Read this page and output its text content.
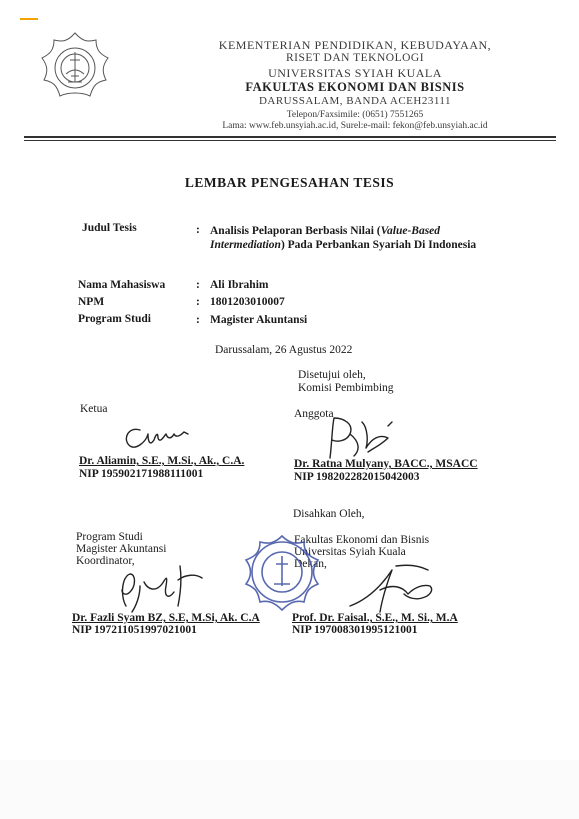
KEMENTERIAN PENDIDIKAN, KEBUDAYAAN,
RISET DAN TEKNOLOGI
UNIVERSITAS SYIAH KUALA
FAKULTAS EKONOMI DAN BISNIS
DARUSSALAM, BANDA ACEH23111
Telepon/Faxsimile: (0651) 7551265
Lama: www.feb.unsyiah.ac.id, Surel:e-mail: fekon@feb.unsyiah.ac.id
LEMBAR PENGESAHAN TESIS
Judul Tesis	: Analisis Pelaporan Berbasis Nilai (Value-Based
Intermediation) Pada Perbankan Syariah Di Indonesia
Nama Mahasiswa	: Ali Ibrahim
NPM	: 1801203010007
Program Studi	: Magister Akuntansi
Darussalam, 26 Agustus 2022
Disetujui oleh,
Komisi Pembimbing
Ketua	Anggota
Dr. Aliamin, S.E., M.Si., Ak., C.A.
NIP 195902171988111001
Dr. Ratna Mulyany, BACC., MSACC
NIP 198202282015042003
Disahkan Oleh,
Program Studi
Magister Akuntansi
Koordinator,
Fakultas Ekonomi dan Bisnis
Universitas Syiah Kuala
Dekan,
Dr. Fazli Syam BZ, S.E, M.Si, Ak. C.A
NIP 197211051997021001
Prof. Dr. Faisal., S.E., M. Si., M.A
NIP 197008301995121001
